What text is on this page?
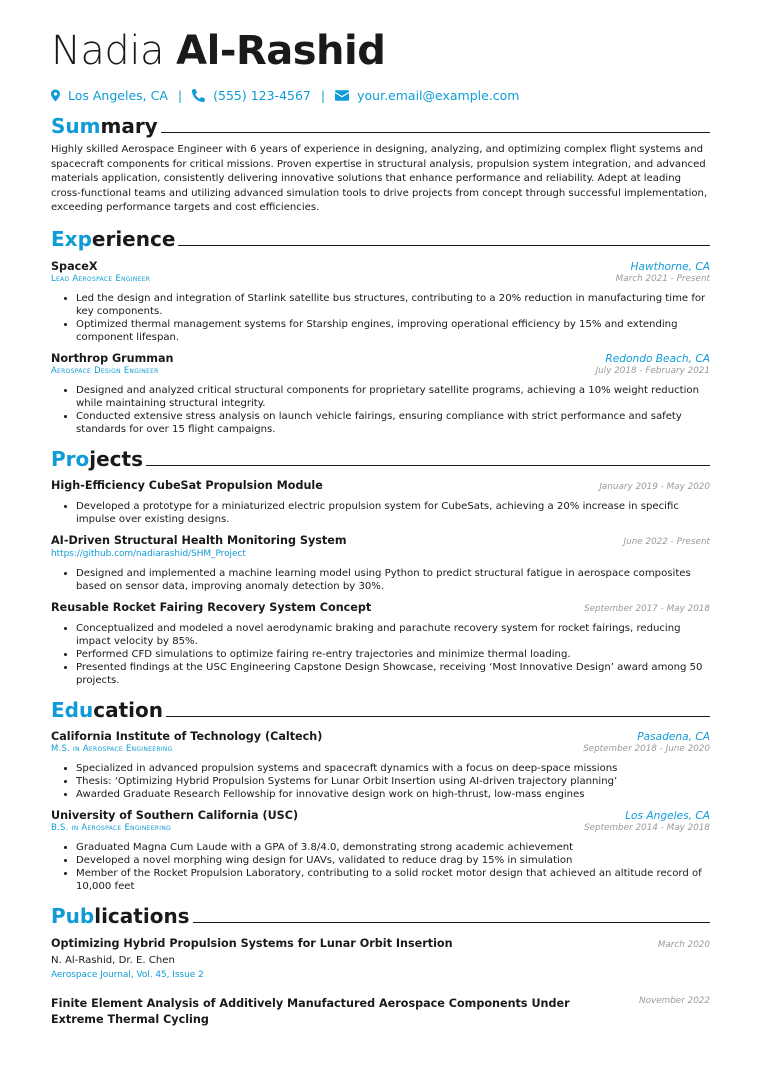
Nadia Al-Rashid
Los Angeles, CA | (555) 123-4567 |	your.email@example.com
Summary
Highly skilled Aerospace Engineer with 6 years of experience in designing, analyzing, and optimizing complex flight systems and spacecraft components for critical missions. Proven expertise in structural analysis, propulsion system integration, and advanced materials application, consistently delivering innovative solutions that enhance performance and reliability. Adept at leading cross-functional teams and utilizing advanced simulation tools to drive projects from concept through successful implementation, exceeding performance targets and cost efficiencies.
Experience
SpaceX	Hawthorne, CA
Lead Aerospace Engineer	March 2021 - Present
• Led the design and integration of Starlink satellite bus structures, contributing to a 20% reduction in manufacturing time for key components.
• Optimized thermal management systems for Starship engines, improving operational efficiency by 15% and extending component lifespan.
Northrop Grumman	Redondo Beach, CA
Aerospace Design Engineer	July 2018 - February 2021
• Designed and analyzed critical structural components for proprietary satellite programs, achieving a 10% weight reduction while maintaining structural integrity.
• Conducted extensive stress analysis on launch vehicle fairings, ensuring compliance with strict performance and safety standards for over 15 flight campaigns.
Projects
High-Efficiency CubeSat Propulsion Module	January 2019 - May 2020
• Developed a prototype for a miniaturized electric propulsion system for CubeSats, achieving a 20% increase in specific impulse over existing designs.
AI-Driven Structural Health Monitoring System	June 2022 - Present
https://github.com/nadiarashid/SHM_Project
• Designed and implemented a machine learning model using Python to predict structural fatigue in aerospace composites based on sensor data, improving anomaly detection by 30%.
Reusable Rocket Fairing Recovery System Concept	September 2017 - May 2018
• Conceptualized and modeled a novel aerodynamic braking and parachute recovery system for rocket fairings, reducing impact velocity by 85%.
• Performed CFD simulations to optimize fairing re-entry trajectories and minimize thermal loading.
• Presented findings at the USC Engineering Capstone Design Showcase, receiving ‘Most Innovative Design’ award among 50 projects.
Education
California Institute of Technology (Caltech)	Pasadena, CA
M.S. in Aerospace Engineering	September 2018 - June 2020
• Specialized in advanced propulsion systems and spacecraft dynamics with a focus on deep-space missions
• Thesis: ‘Optimizing Hybrid Propulsion Systems for Lunar Orbit Insertion using AI-driven trajectory planning’
• Awarded Graduate Research Fellowship for innovative design work on high-thrust, low-mass engines
University of Southern California (USC)	Los Angeles, CA
B.S. in Aerospace Engineering	September 2014 - May 2018
• Graduated Magna Cum Laude with a GPA of 3.8/4.0, demonstrating strong academic achievement
• Developed a novel morphing wing design for UAVs, validated to reduce drag by 15% in simulation
• Member of the Rocket Propulsion Laboratory, contributing to a solid rocket motor design that achieved an altitude record of 10,000 feet
Publications
Optimizing Hybrid Propulsion Systems for Lunar Orbit Insertion	March 2020
N. Al-Rashid, Dr. E. Chen
Aerospace Journal, Vol. 45, Issue 2
Finite Element Analysis of Additively Manufactured Aerospace Components Under Extreme Thermal Cycling
November 2022
